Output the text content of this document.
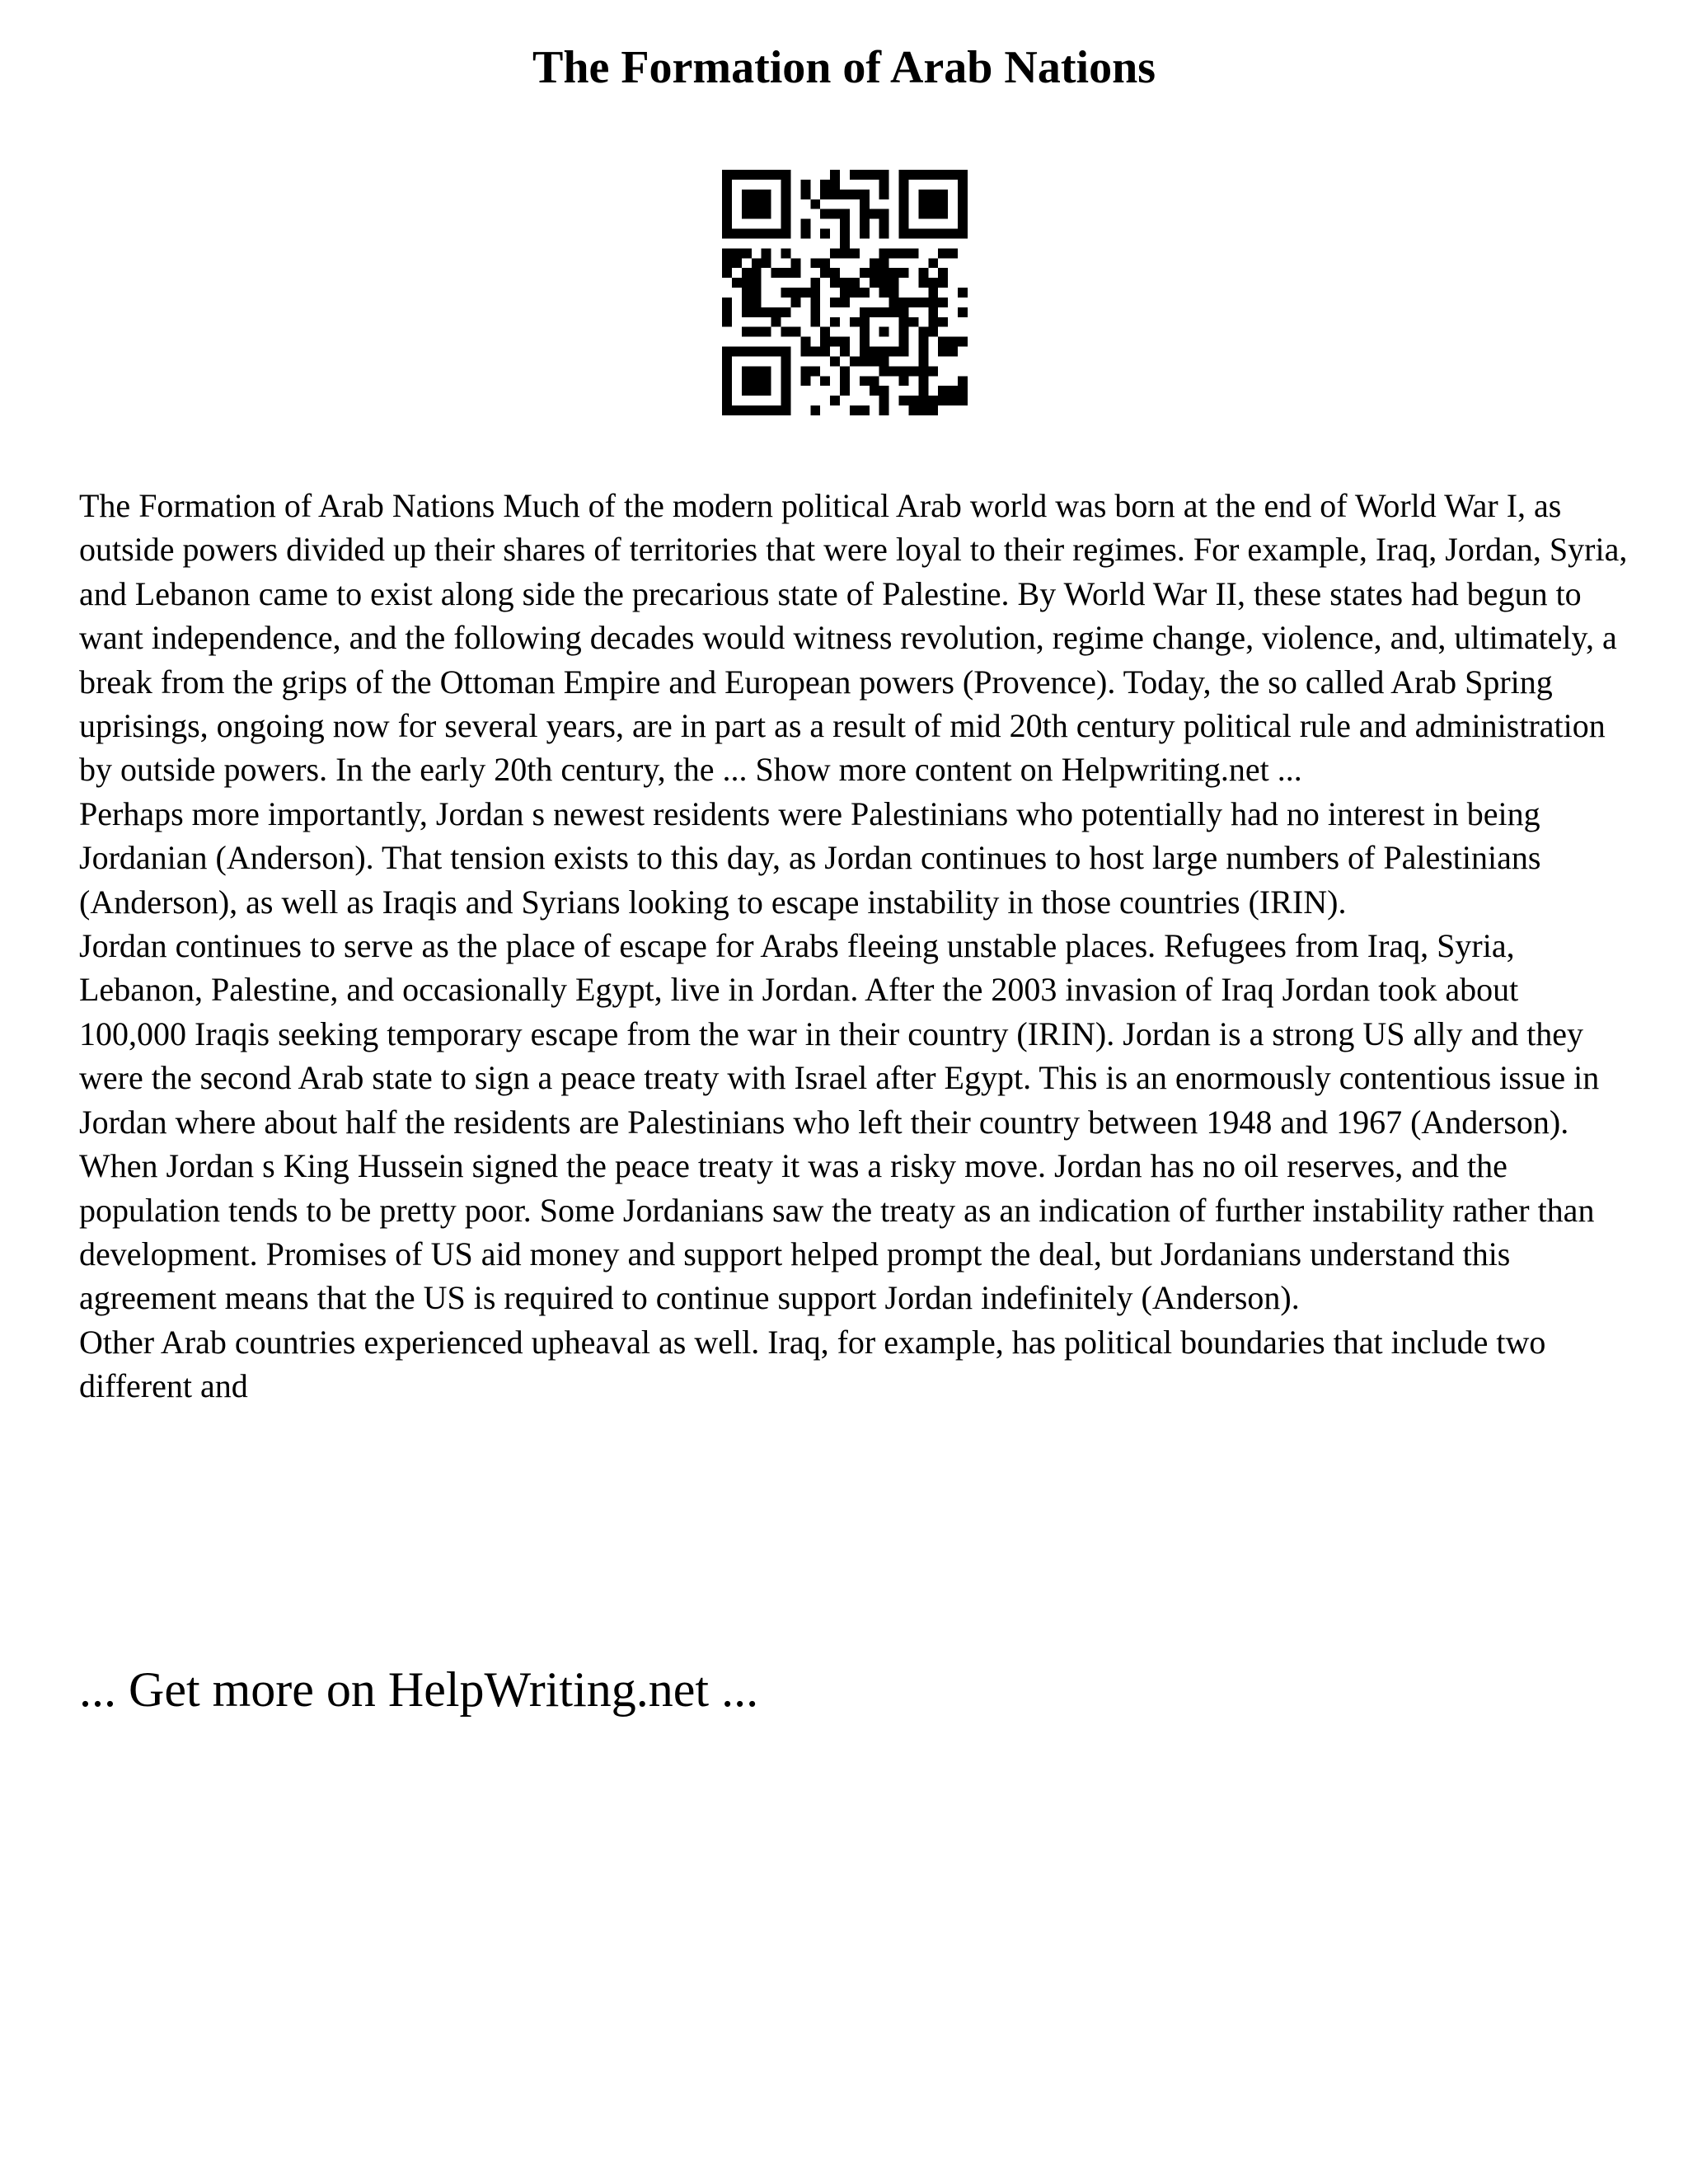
The Formation of Arab Nations

The Formation of Arab Nations Much of the modern political Arab world was born at the end of World War I, as outside powers divided up their shares of territories that were loyal to their regimes. For example, Iraq, Jordan, Syria, and Lebanon came to exist along side the precarious state of Palestine. By World War II, these states had begun to want independence, and the following decades would witness revolution, regime change, violence, and, ultimately, a break from the grips of the Ottoman Empire and European powers (Provence). Today, the so called Arab Spring uprisings, ongoing now for several years, are in part as a result of mid 20th century political rule and administration by outside powers. In the early 20th century, the ... Show more content on Helpwriting.net ...

Perhaps more importantly, Jordan s newest residents were Palestinians who potentially had no interest in being Jordanian (Anderson). That tension exists to this day, as Jordan continues to host large numbers of Palestinians (Anderson), as well as Iraqis and Syrians looking to escape instability in those countries (IRIN).

Jordan continues to serve as the place of escape for Arabs fleeing unstable places. Refugees from Iraq, Syria, Lebanon, Palestine, and occasionally Egypt, live in Jordan. After the 2003 invasion of Iraq Jordan took about 100,000 Iraqis seeking temporary escape from the war in their country (IRIN). Jordan is a strong US ally and they were the second Arab state to sign a peace treaty with Israel after Egypt. This is an enormously contentious issue in Jordan where about half the residents are Palestinians who left their country between 1948 and 1967 (Anderson). When Jordan s King Hussein signed the peace treaty it was a risky move. Jordan has no oil reserves, and the population tends to be pretty poor. Some Jordanians saw the treaty as an indication of further instability rather than development. Promises of US aid money and support helped prompt the deal, but Jordanians understand this agreement means that the US is required to continue support Jordan indefinitely (Anderson).

Other Arab countries experienced upheaval as well. Iraq, for example, has political boundaries that include two different and

... Get more on HelpWriting.net ...
